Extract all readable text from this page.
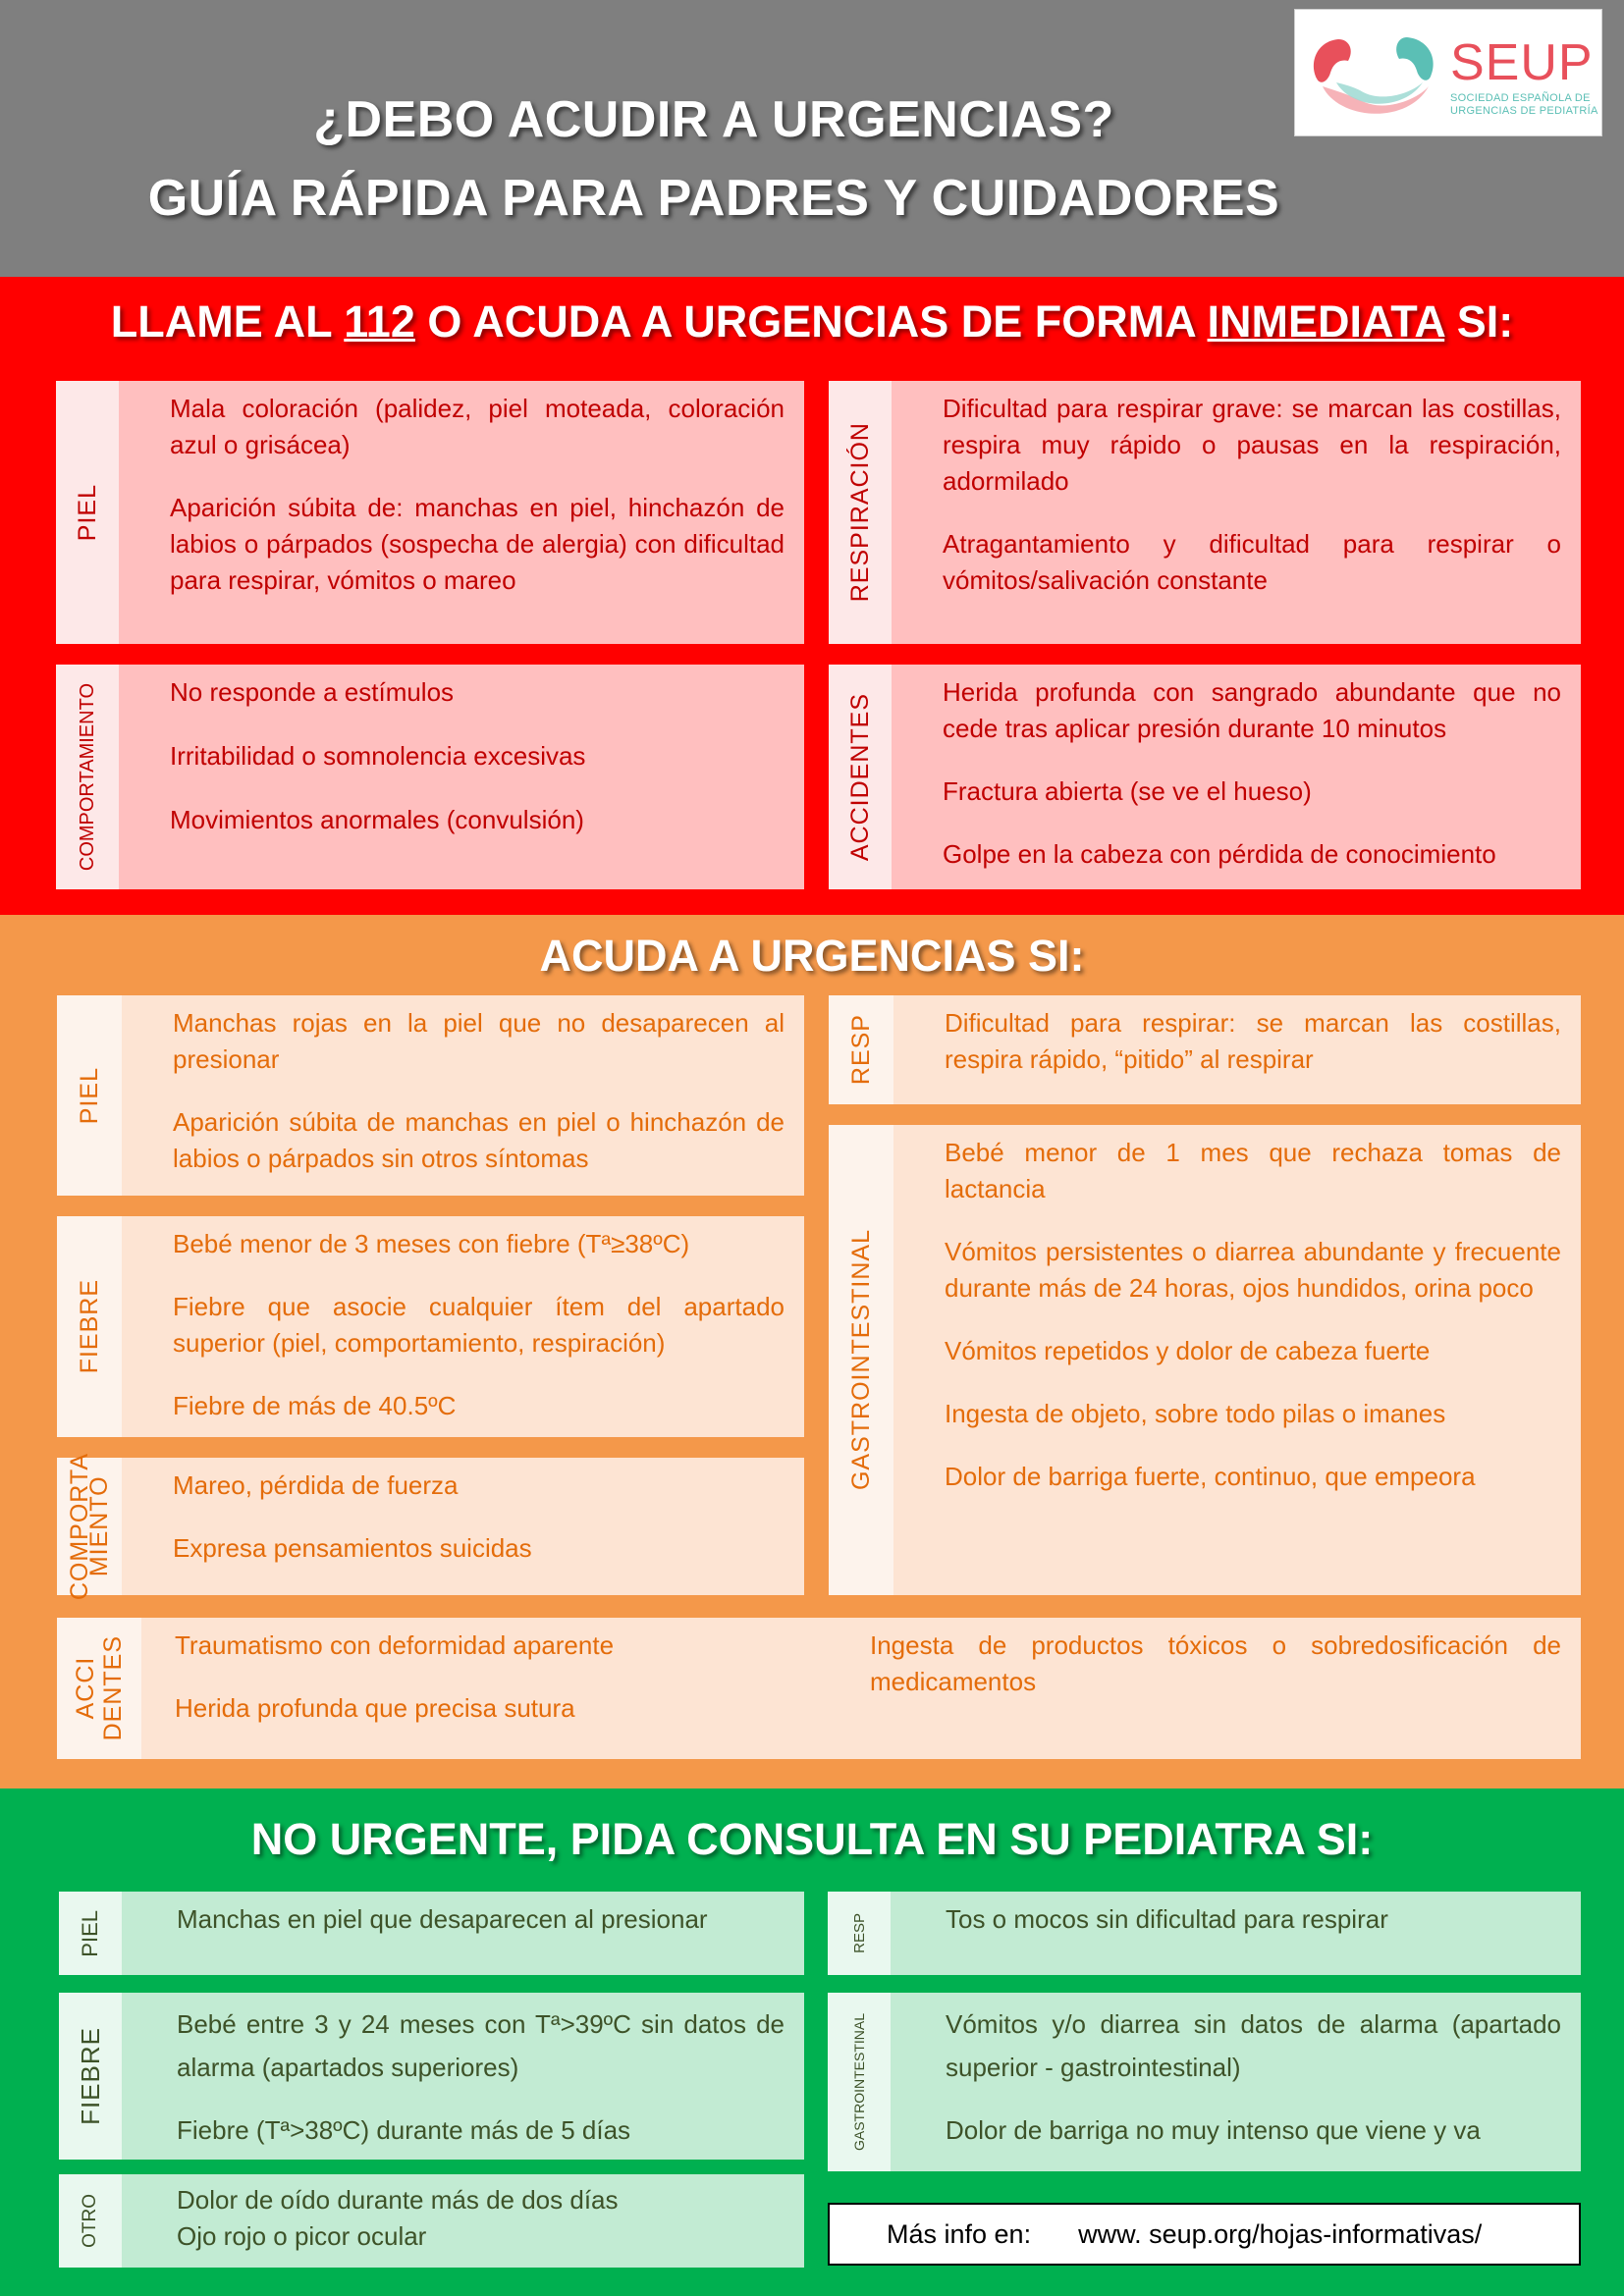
¿DEBO ACUDIR A URGENCIAS?
GUÍA RÁPIDA PARA PADRES Y CUIDADORES
SEUP
SOCIEDAD ESPAÑOLA DE
URGENCIAS DE PEDIATRÍA
LLAME AL 112 O ACUDA A URGENCIAS DE FORMA INMEDIATA SI:
PIEL

Mala coloración (palidez, piel moteada, coloración azul o grisácea)

Aparición súbita de: manchas en piel, hinchazón de labios o párpados (sospecha de alergia) con dificultad para respirar, vómitos o mareo	RESPIRACIÓN

Dificultad para respirar grave: se marcan las costillas, respira muy rápido o pausas en la respiración, adormilado

Atragantamiento y dificultad para respirar o vómitos/salivación constante

COMPORTAMIENTO	No responde a estímulos

Irritabilidad o somnolencia excesivas

Movimientos anormales (convulsión)	ACCIDENTES

Herida profunda con sangrado abundante que no cede tras aplicar presión durante 10 minutos

Fractura abierta (se ve el hueso)

Golpe en la cabeza con pérdida de conocimiento

ACUDA A URGENCIAS SI:
PIEL

Manchas rojas en la piel que no desaparecen al presionar

Aparición súbita de manchas en piel o hinchazón de labios o párpados sin otros síntomas

RESP	Dificultad para respirar: se marcan las costillas, respira rápido, “pitido” al respirar

FIEBRE

Bebé menor de 3 meses con fiebre (Tª≥38ºC)

Fiebre que asocie cualquier ítem del apartado superior (piel, comportamiento, respiración)

Fiebre de más de 40.5ºC	GASTROINTESTINAL

Bebé menor de 1 mes que rechaza tomas de lactancia

Vómitos persistentes o diarrea abundante y frecuente durante más de 24 horas, ojos hundidos, orina poco

Vómitos repetidos y dolor de cabeza fuerte

Ingesta de objeto, sobre todo pilas o imanes

Dolor de barriga fuerte, continuo, que empeora

COMPORTA
MIENTO Mareo, pérdida de fuerza

Expresa pensamientos suicidas

ACCI
DENTES Traumatismo con deformidad aparente

Herida profunda que precisa sutura

Ingesta de productos tóxicos o sobredosificación de medicamentos

NO URGENTE, PIDA CONSULTA EN SU PEDIATRA SI:
PIEL	Manchas en piel que desaparecen al presionar	RESP	Tos o mocos sin dificultad para respirar

FIEBRE

Bebé entre 3 y 24 meses con Tª>39ºC sin datos de alarma (apartados superiores)

Fiebre (Tª>38ºC) durante más de 5 días	GASTROINTESTINAL	Vómitos y/o diarrea sin datos de alarma (apartado superior - gastrointestinal)

Dolor de barriga no muy intenso que viene y va

OTRO	Dolor de oído durante más de dos días

Ojo rojo o picor ocular	Más info en: www. seup.org/hojas-informativas/
